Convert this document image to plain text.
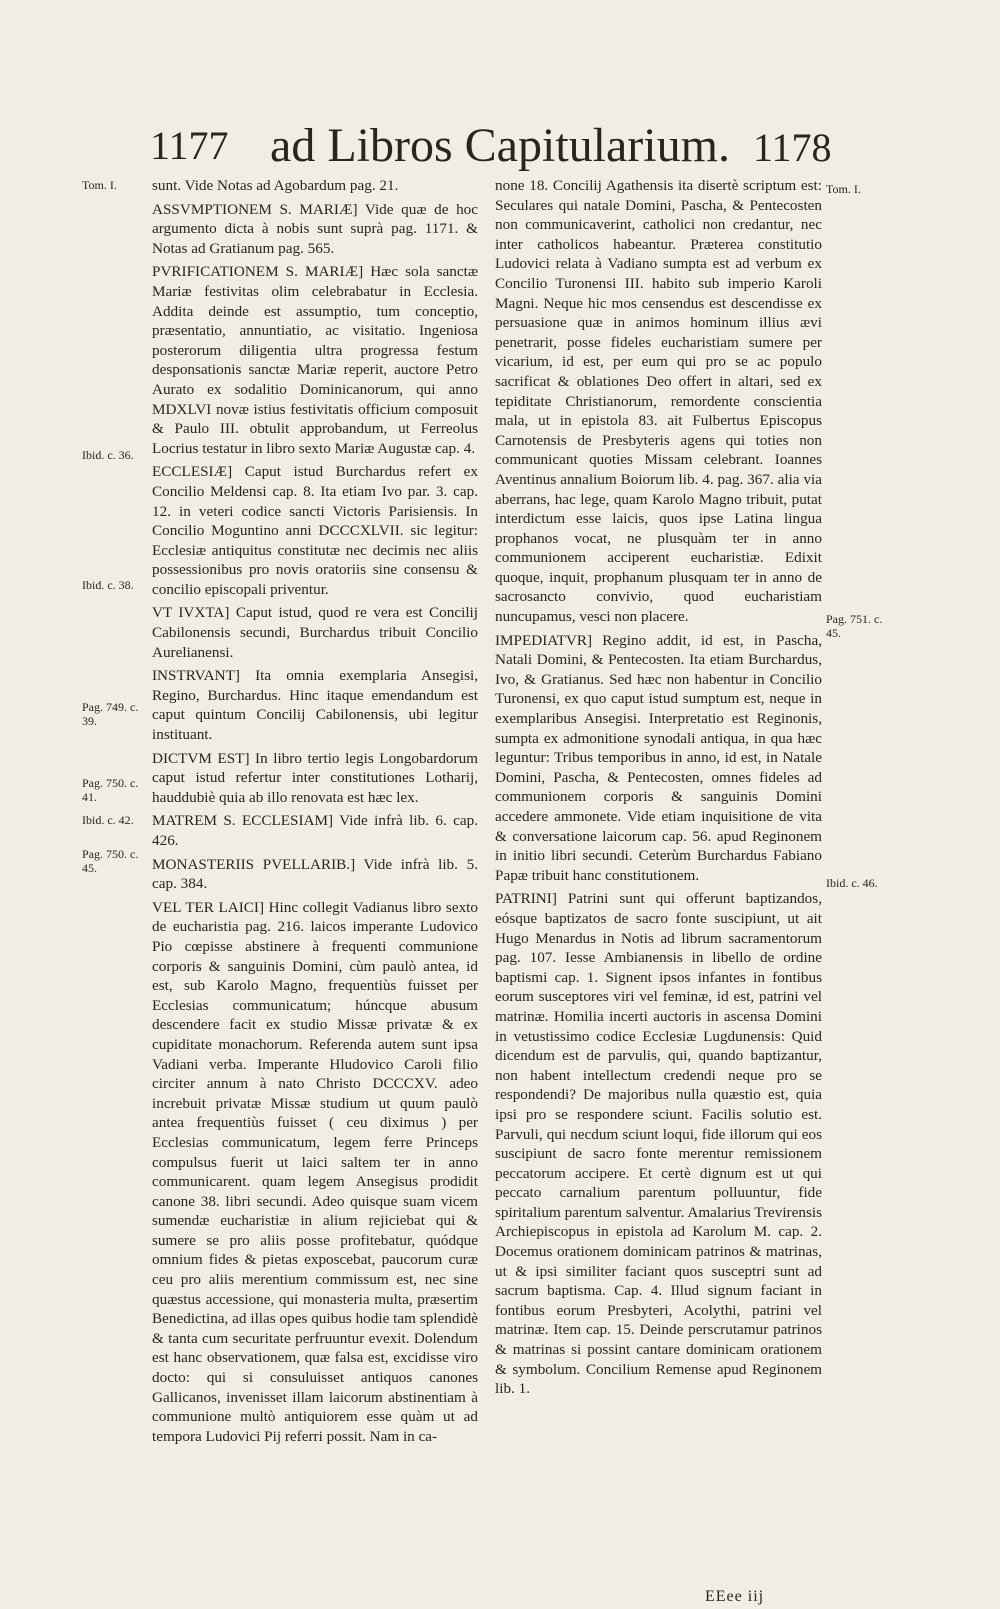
ad Libros Capitularium.
1177	1178
Tom. I.
Ibid. c. 36.
Ibid. c. 38.
Pag. 749. c. 39.
Pag. 750. c. 41.
Ibid. c. 42.
Pag. 750. c. 45.
Tom. I.
Pag. 751. c. 45.
Ibid. c. 46.

sunt. Vide Notas ad Agobardum pag. 21.

ASSVMPTIONEM S. MARIÆ] Vide quæ de hoc argumento dicta à nobis sunt suprà pag. 1171. & Notas ad Gratianum pag. 565.

PVRIFICATIONEM S. MARIÆ] Hæc sola sanctæ Mariæ festivitas olim celebrabatur in Ecclesia. Addita deinde est assumptio, tum conceptio, præsentatio, annuntiatio, ac visitatio. Ingeniosa posterorum diligentia ultra progressa festum desponsationis sanctæ Mariæ reperit, auctore Petro Aurato ex sodalitio Dominicanorum, qui anno MDXLVI novæ istius festivitatis officium composuit & Paulo III. obtulit approbandum, ut Ferreolus Locrius testatur in libro sexto Mariæ Augustæ cap. 4.

ECCLESIÆ] Caput istud Burchardus refert ex Concilio Meldensi cap. 8. Ita etiam Ivo par. 3. cap. 12. in veteri codice sancti Victoris Parisiensis. In Concilio Moguntino anni DCCCXLVII. sic legitur: Ecclesiæ antiquitus constitutæ nec decimis nec aliis possessionibus pro novis oratoriis sine consensu & concilio episcopali priventur.

VT IVXTA] Caput istud, quod re vera est Concilij Cabilonensis secundi, Burchardus tribuit Concilio Aurelianensi.

INSTRVANT] Ita omnia exemplaria Ansegisi, Regino, Burchardus. Hinc itaque emendandum est caput quintum Concilij Cabilonensis, ubi legitur instituant.

DICTVM EST] In libro tertio legis Longobardorum caput istud refertur inter constitutiones Lotharij, hauddubiè quia ab illo renovata est hæc lex.

MATREM S. ECCLESIAM] Vide infrà lib. 6. cap. 426.

MONASTERIIS PVELLARIB.] Vide infrà lib. 5. cap. 384.

VEL TER LAICI] Hinc collegit Vadianus libro sexto de eucharistia pag. 216. laicos imperante Ludovico Pio cœpisse abstinere à frequenti communione corporis & sanguinis Domini, cùm paulò antea, id est, sub Karolo Magno, frequentiùs fuisset per Ecclesias communicatum; húncque abusum descendere facit ex studio Missæ privatæ & ex cupiditate monachorum. Referenda autem sunt ipsa Vadiani verba. Imperante Hludovico Caroli filio circiter annum à nato Christo DCCCXV. adeo increbuit privatæ Missæ studium ut quum paulò antea frequentiùs fuisset ( ceu diximus ) per Ecclesias communicatum, legem ferre Princeps compulsus fuerit ut laici saltem ter in anno communicarent. quam legem Ansegisus prodidit canone 38. libri secundi. Adeo quisque suam vicem sumendæ eucharistiæ in alium rejiciebat qui & sumere se pro aliis posse profitebatur, quódque omnium fides & pietas exposcebat, paucorum curæ ceu pro aliis merentium commissum est, nec sine quæstus accessione, qui monasteria multa, præsertim Benedictina, ad illas opes quibus hodie tam splendidè & tanta cum securitate perfruuntur evexit. Dolendum est hanc observationem, quæ falsa est, excidisse viro docto: qui si consuluisset antiquos canones Gallicanos, invenisset illam laicorum abstinentiam à communione multò antiquiorem esse quàm ut ad tempora Ludovici Pij referri possit. Nam in ca-

none 18. Concilij Agathensis ita disertè scriptum est: Seculares qui natale Domini, Pascha, & Pentecosten non communicaverint, catholici non credantur, nec inter catholicos habeantur. Præterea constitutio Ludovici relata à Vadiano sumpta est ad verbum ex Concilio Turonensi III. habito sub imperio Karoli Magni. Neque hic mos censendus est descendisse ex persuasione quæ in animos hominum illius ævi penetrarit, posse fideles eucharistiam sumere per vicarium, id est, per eum qui pro se ac populo sacrificat & oblationes Deo offert in altari, sed ex tepiditate Christianorum, remordente conscientia mala, ut in epistola 83. ait Fulbertus Episcopus Carnotensis de Presbyteris agens qui toties non communicant quoties Missam celebrant. Ioannes Aventinus annalium Boiorum lib. 4. pag. 367. alia via aberrans, hac lege, quam Karolo Magno tribuit, putat interdictum esse laicis, quos ipse Latina lingua prophanos vocat, ne plusquàm ter in anno communionem acciperent eucharistiæ. Edixit quoque, inquit, prophanum plusquam ter in anno de sacrosancto convivio, quod eucharistiam nuncupamus, vesci non placere.

IMPEDIATVR] Regino addit, id est, in Pascha, Natali Domini, & Pentecosten. Ita etiam Burchardus, Ivo, & Gratianus. Sed hæc non habentur in Concilio Turonensi, ex quo caput istud sumptum est, neque in exemplaribus Ansegisi. Interpretatio est Reginonis, sumpta ex admonitione synodali antiqua, in qua hæc leguntur: Tribus temporibus in anno, id est, in Natale Domini, Pascha, & Pentecosten, omnes fideles ad communionem corporis & sanguinis Domini accedere ammonete. Vide etiam inquisitione de vita & conversatione laicorum cap. 56. apud Reginonem in initio libri secundi. Ceterùm Burchardus Fabiano Papæ tribuit hanc constitutionem.

PATRINI] Patrini sunt qui offerunt baptizandos, eósque baptizatos de sacro fonte suscipiunt, ut ait Hugo Menardus in Notis ad librum sacramentorum pag. 107. Iesse Ambianensis in libello de ordine baptismi cap. 1. Signent ipsos infantes in fontibus eorum susceptores viri vel feminæ, id est, patrini vel matrinæ. Homilia incerti auctoris in ascensa Domini in vetustissimo codice Ecclesiæ Lugdunensis: Quid dicendum est de parvulis, qui, quando baptizantur, non habent intellectum credendi neque pro se respondendi? De majoribus nulla quæstio est, quia ipsi pro se respondere sciunt. Facilis solutio est. Parvuli, qui necdum sciunt loqui, fide illorum qui eos suscipiunt de sacro fonte merentur remissionem peccatorum accipere. Et certè dignum est ut qui peccato carnalium parentum polluuntur, fide spiritalium parentum salventur. Amalarius Trevirensis Archiepiscopus in epistola ad Karolum M. cap. 2. Docemus orationem dominicam patrinos & matrinas, ut & ipsi similiter faciant quos susceptri sunt ad sacrum baptisma. Cap. 4. Illud signum faciant in fontibus eorum Presbyteri, Acolythi, patrini vel matrinæ. Item cap. 15. Deinde perscrutamur patrinos & matrinas si possint cantare dominicam orationem & symbolum. Concilium Remense apud Reginonem lib. 1.

EEee iij
